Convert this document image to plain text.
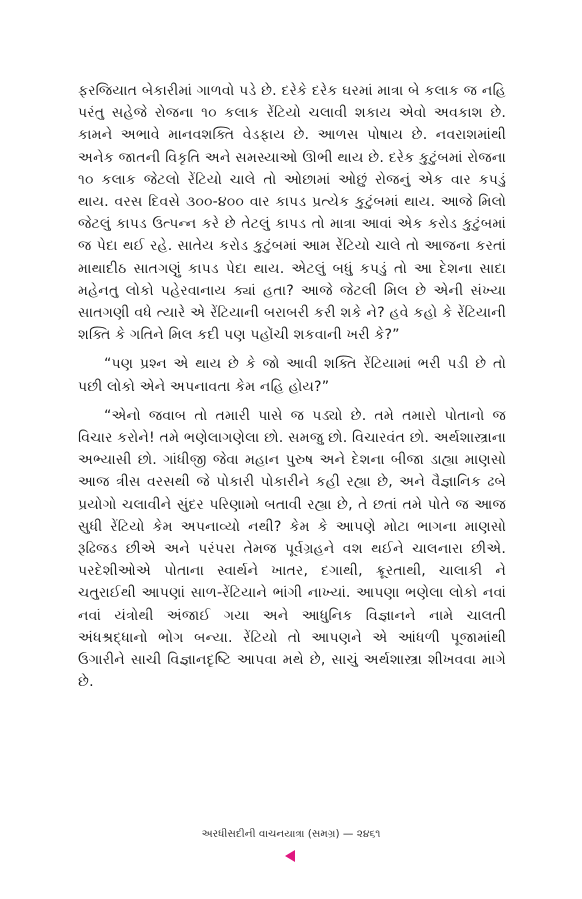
ફરજિયાત બેકારીમાં ગાળવો પડે છે. દરેકે દરેક ઘરમાં માત્રા બે કલાક જ નહિ પરંતુ સહેજે રોજના ૧૦ કલાક રેંટિયો ચલાવી શકાય એવો અવકાશ છે. કામને અભાવે માનવશક્તિ વેડફાય છે. આળસ પોષાય છે. નવરાશમાંથી અનેક જાતની વિકૃતિ અને સમસ્યાઓ ઊભી થાય છે. દરેક કુટુંબમાં રોજના ૧૦ કલાક જેટલો રેંટિયો ચાલે તો ઓછામાં ઓછું રોજનું એક વાર કપડું થાય. વરસ દિવસે ૩૦૦-૪૦૦ વાર કાપડ પ્રત્યેક કુટુંબમાં થાય. આજે મિલો જેટલું કાપડ ઉત્પન્ન કરે છે તેટલું કાપડ તો માત્રા આવાં એક કરોડ કુટુંબમાં જ પેદા થઈ રહે. સાતેય કરોડ કુટુંબમાં આમ રેંટિયો ચાલે તો આજના કરતાં માથાદીઠ સાતગણું કાપડ પેદા થાય. એટલું બધું કપડું તો આ દેશના સાદા મહેનતુ લોકો પહેરવાનાય ક્યાં હતા? આજે જેટલી મિલ છે એની સંખ્યા સાતગણી વધે ત્યારે એ રેંટિયાની બરાબરી કરી શકે ને? હવે કહો કે રેંટિયાની શક્તિ કે ગતિને મિલ કદી પણ પહોંચી શકવાની ખરી કે?”

“પણ પ્રશ્ન એ થાય છે કે જો આવી શક્તિ રેંટિયામાં ભરી પડી છે તો પછી લોકો એને અપનાવતા કેમ નહિ હોય?”

“એનો જવાબ તો તમારી પાસે જ પડ્યો છે. તમે તમારો પોતાનો જ વિચાર કરોને! તમે ભણેલાગણેલા છો. સમજુ છો. વિચારવંત છો. અર્થશાસ્ત્રાના અભ્યાસી છો. ગાંધીજી જેવા મહાન પુરુષ અને દેશના બીજા ડાહ્યા માણસો આજ ત્રીસ વરસથી જે પોકારી પોકારીને કહી રહ્યા છે, અને વૈજ્ઞાનિક ઢબે પ્રયોગો ચલાવીને સુંદર પરિણામો બતાવી રહ્યા છે, તે છતાં તમે પોતે જ આજ સુધી રેંટિયો કેમ અપનાવ્યો નથી? કેમ કે આપણે મોટા ભાગના માણસો રૂઢિજડ છીએ અને પરંપરા તેમજ પૂર્વગ્રહને વશ થઈને ચાલનારા છીએ. પરદેશીઓએ પોતાના સ્વાર્થને ખાતર, દગાથી, ક્રૂરતાથી, ચાલાકી ને ચતુરાઈથી આપણાં સાળ-રેંટિયાને ભાંગી નાખ્યાં. આપણા ભણેલા લોકો નવાં નવાં યંત્રોથી અંજાઈ ગયા અને આધુનિક વિજ્ઞાનને નામે ચાલતી અંધશ્રદ્ધાનો ભોગ બન્યા. રેંટિયો તો આપણને એ આંધળી પૂજામાંથી ઉગારીને સાચી વિજ્ઞાનદૃષ્ટિ આપવા મથે છે, સાચું અર્થશાસ્ત્રા શીખવવા માગે છે.

અરધીસદીની વાચનયાત્રા (સમગ્ર) — ૨૪૬૧
